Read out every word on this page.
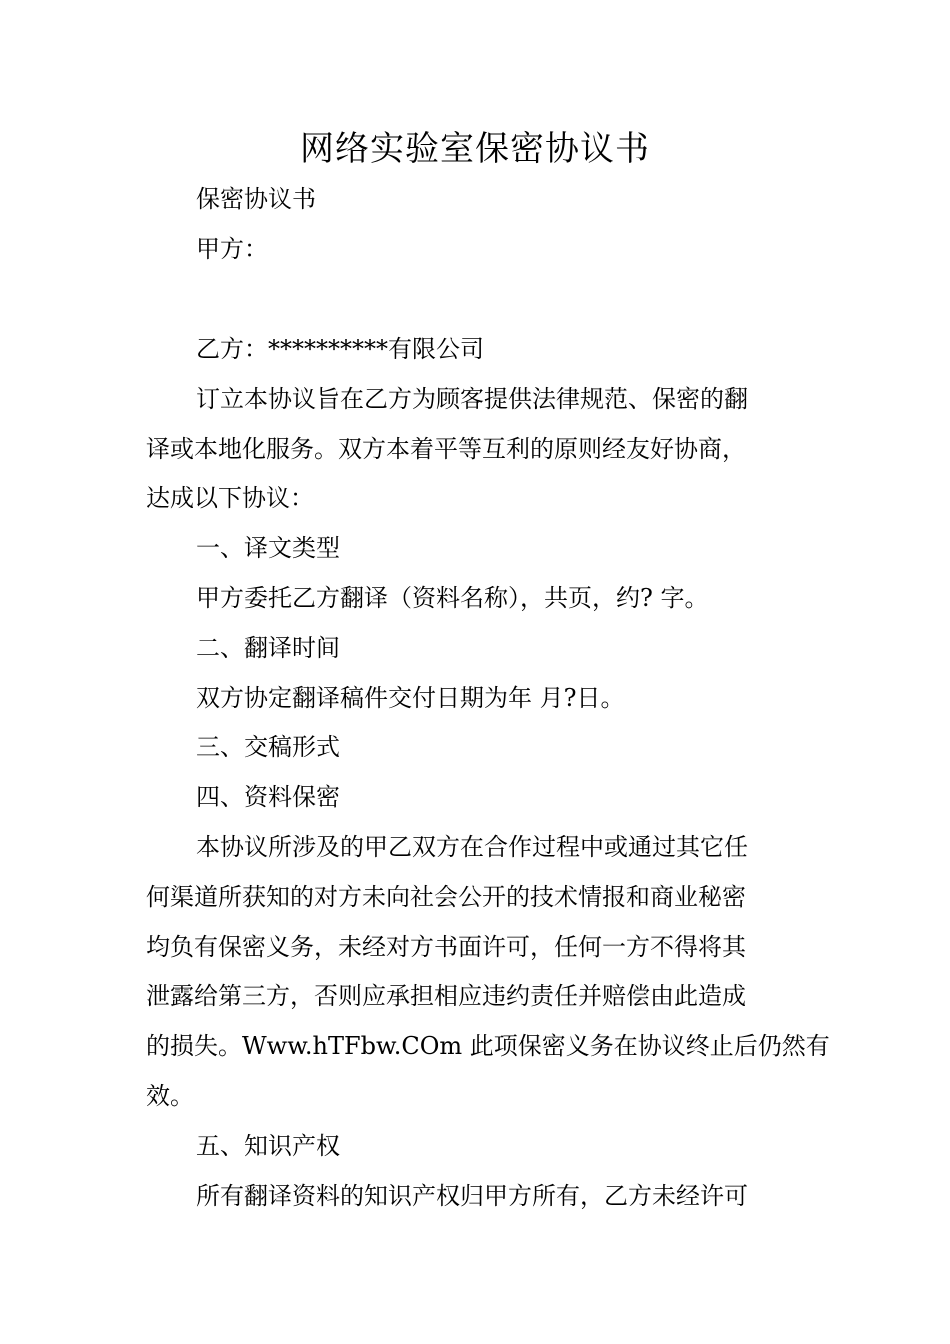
网络实验室保密协议书
保密协议书
甲方：
乙方：**********有限公司
订立本协议旨在乙方为顾客提供法律规范、保密的翻
译或本地化服务。双方本着平等互利的原则经友好协商，
达成以下协议：
一、译文类型
甲方委托乙方翻译（资料名称），共页，约? 字。
二、翻译时间
双方协定翻译稿件交付日期为年 月?日。
三、交稿形式
四、资料保密
本协议所涉及的甲乙双方在合作过程中或通过其它任
何渠道所获知的对方未向社会公开的技术情报和商业秘密
均负有保密义务，未经对方书面许可，任何一方不得将其
泄露给第三方，否则应承担相应违约责任并赔偿由此造成
的损失。Www.hTFbw.COm 此项保密义务在协议终止后仍然有
效。
五、知识产权
所有翻译资料的知识产权归甲方所有，乙方未经许可
